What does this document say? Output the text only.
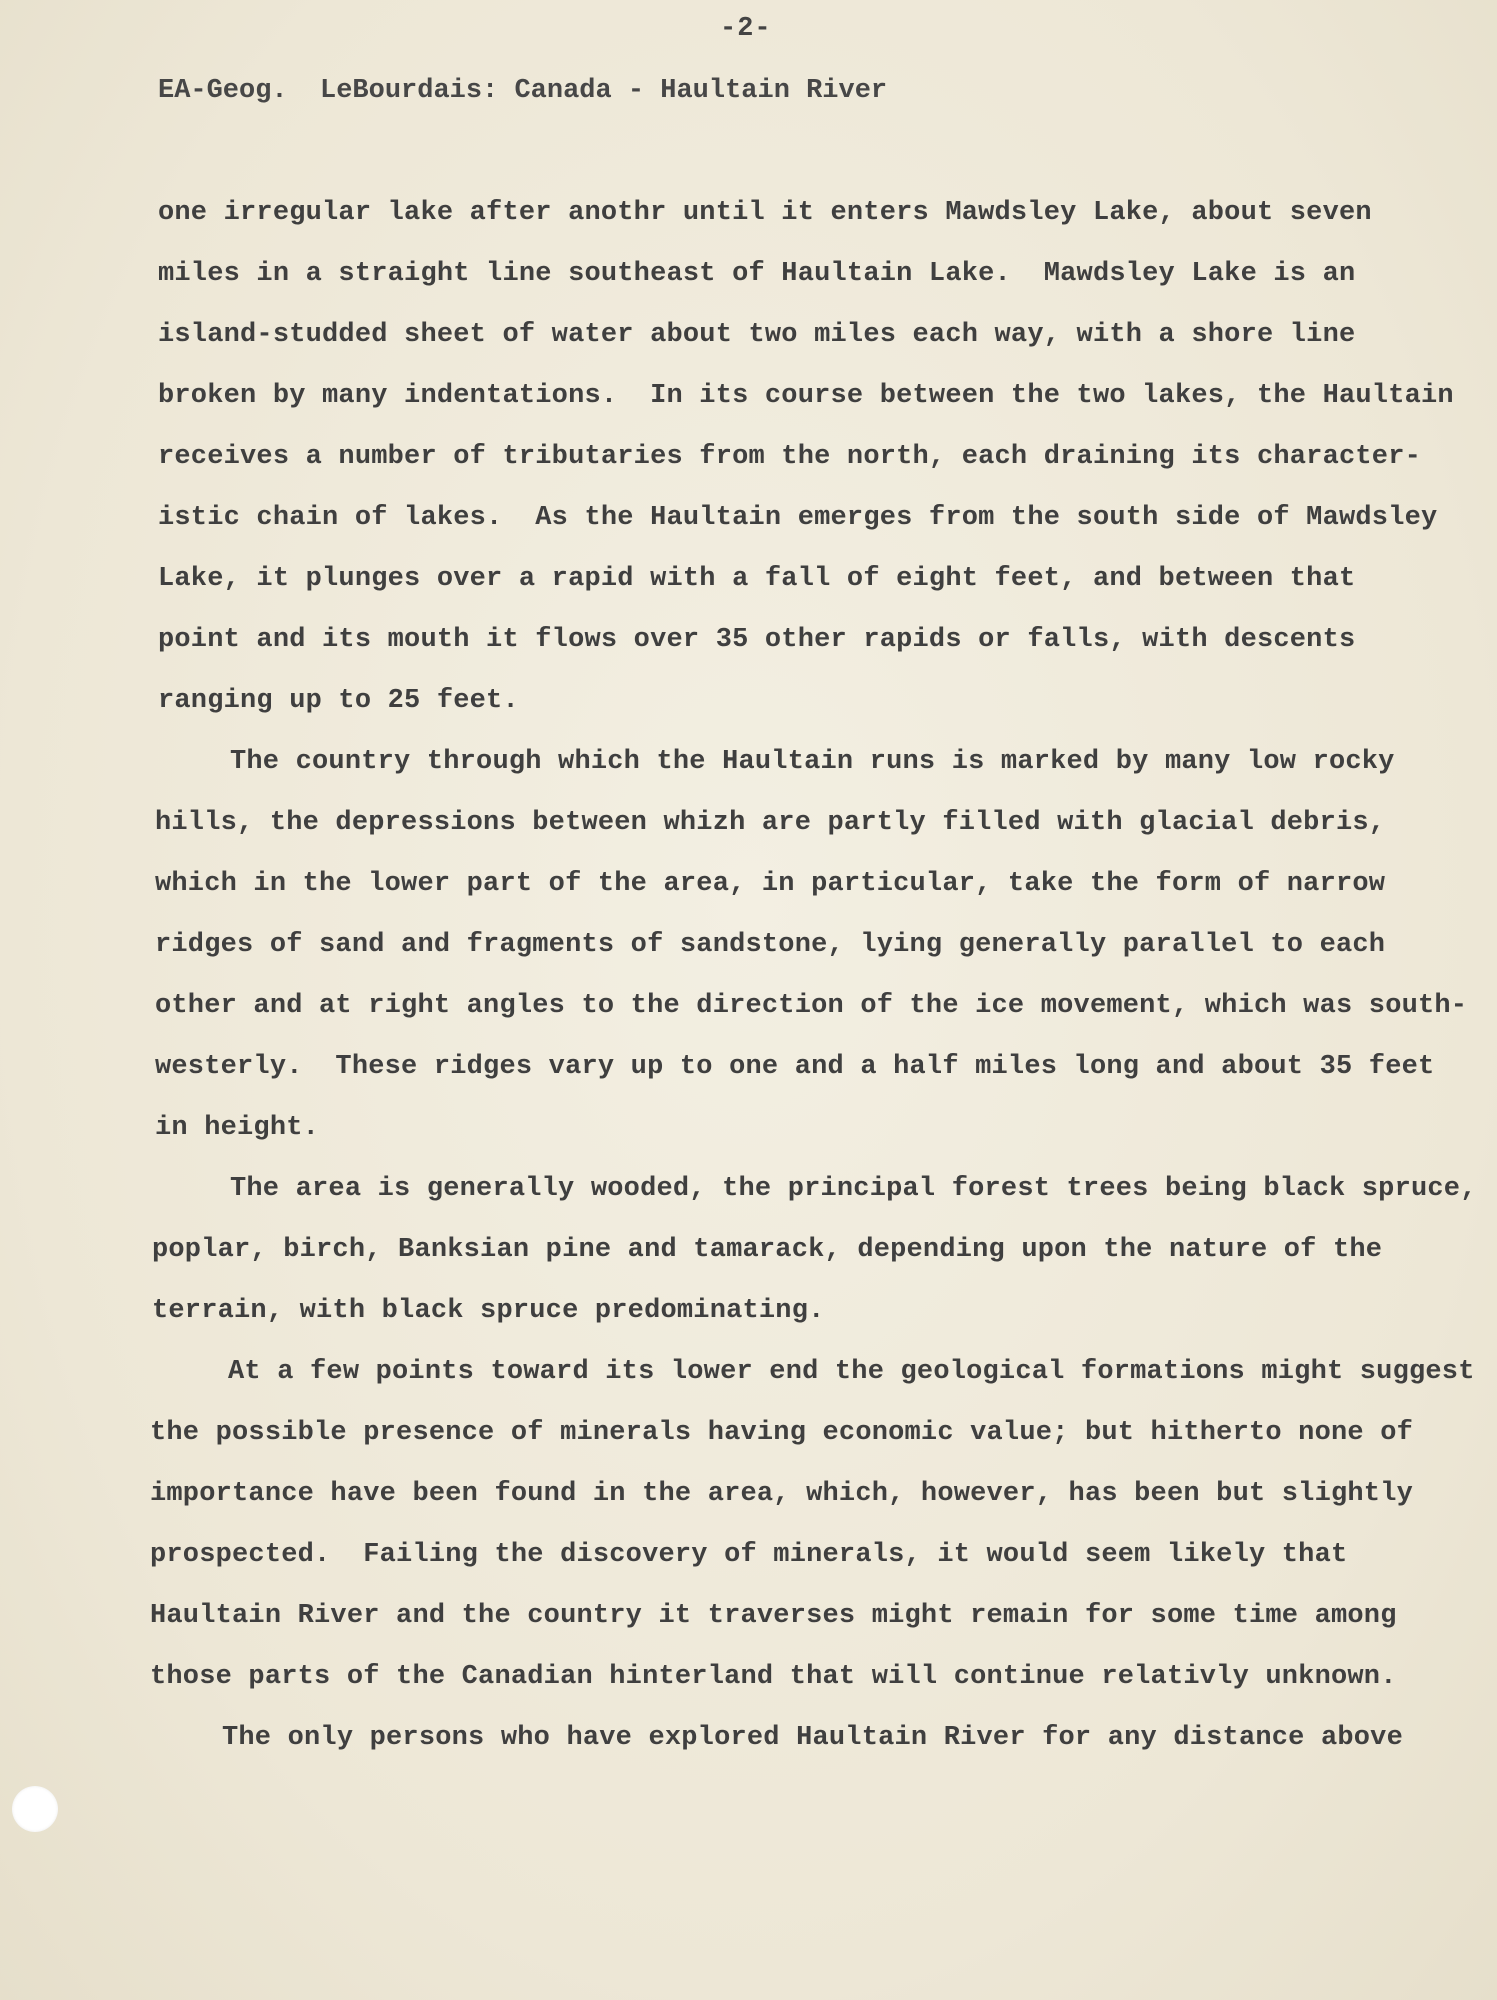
-2-
EA-Geog.  LeBourdais: Canada - Haultain River
one irregular lake after anothr until it enters Mawdsley Lake, about seven
miles in a straight line southeast of Haultain Lake.  Mawdsley Lake is an
island-studded sheet of water about two miles each way, with a shore line
broken by many indentations.  In its course between the two lakes, the Haultain
receives a number of tributaries from the north, each draining its character-
istic chain of lakes.  As the Haultain emerges from the south side of Mawdsley
Lake, it plunges over a rapid with a fall of eight feet, and between that
point and its mouth it flows over 35 other rapids or falls, with descents
ranging up to 25 feet.
The country through which the Haultain runs is marked by many low rocky
hills, the depressions between whizh are partly filled with glacial debris,
which in the lower part of the area, in particular, take the form of narrow
ridges of sand and fragments of sandstone, lying generally parallel to each
other and at right angles to the direction of the ice movement, which was south-
westerly.  These ridges vary up to one and a half miles long and about 35 feet
in height.
The area is generally wooded, the principal forest trees being black spruce,
poplar, birch, Banksian pine and tamarack, depending upon the nature of the
terrain, with black spruce predominating.
At a few points toward its lower end the geological formations might suggest
the possible presence of minerals having economic value; but hitherto none of
importance have been found in the area, which, however, has been but slightly
prospected.  Failing the discovery of minerals, it would seem likely that
Haultain River and the country it traverses might remain for some time among
those parts of the Canadian hinterland that will continue relativly unknown.
The only persons who have explored Haultain River for any distance above
